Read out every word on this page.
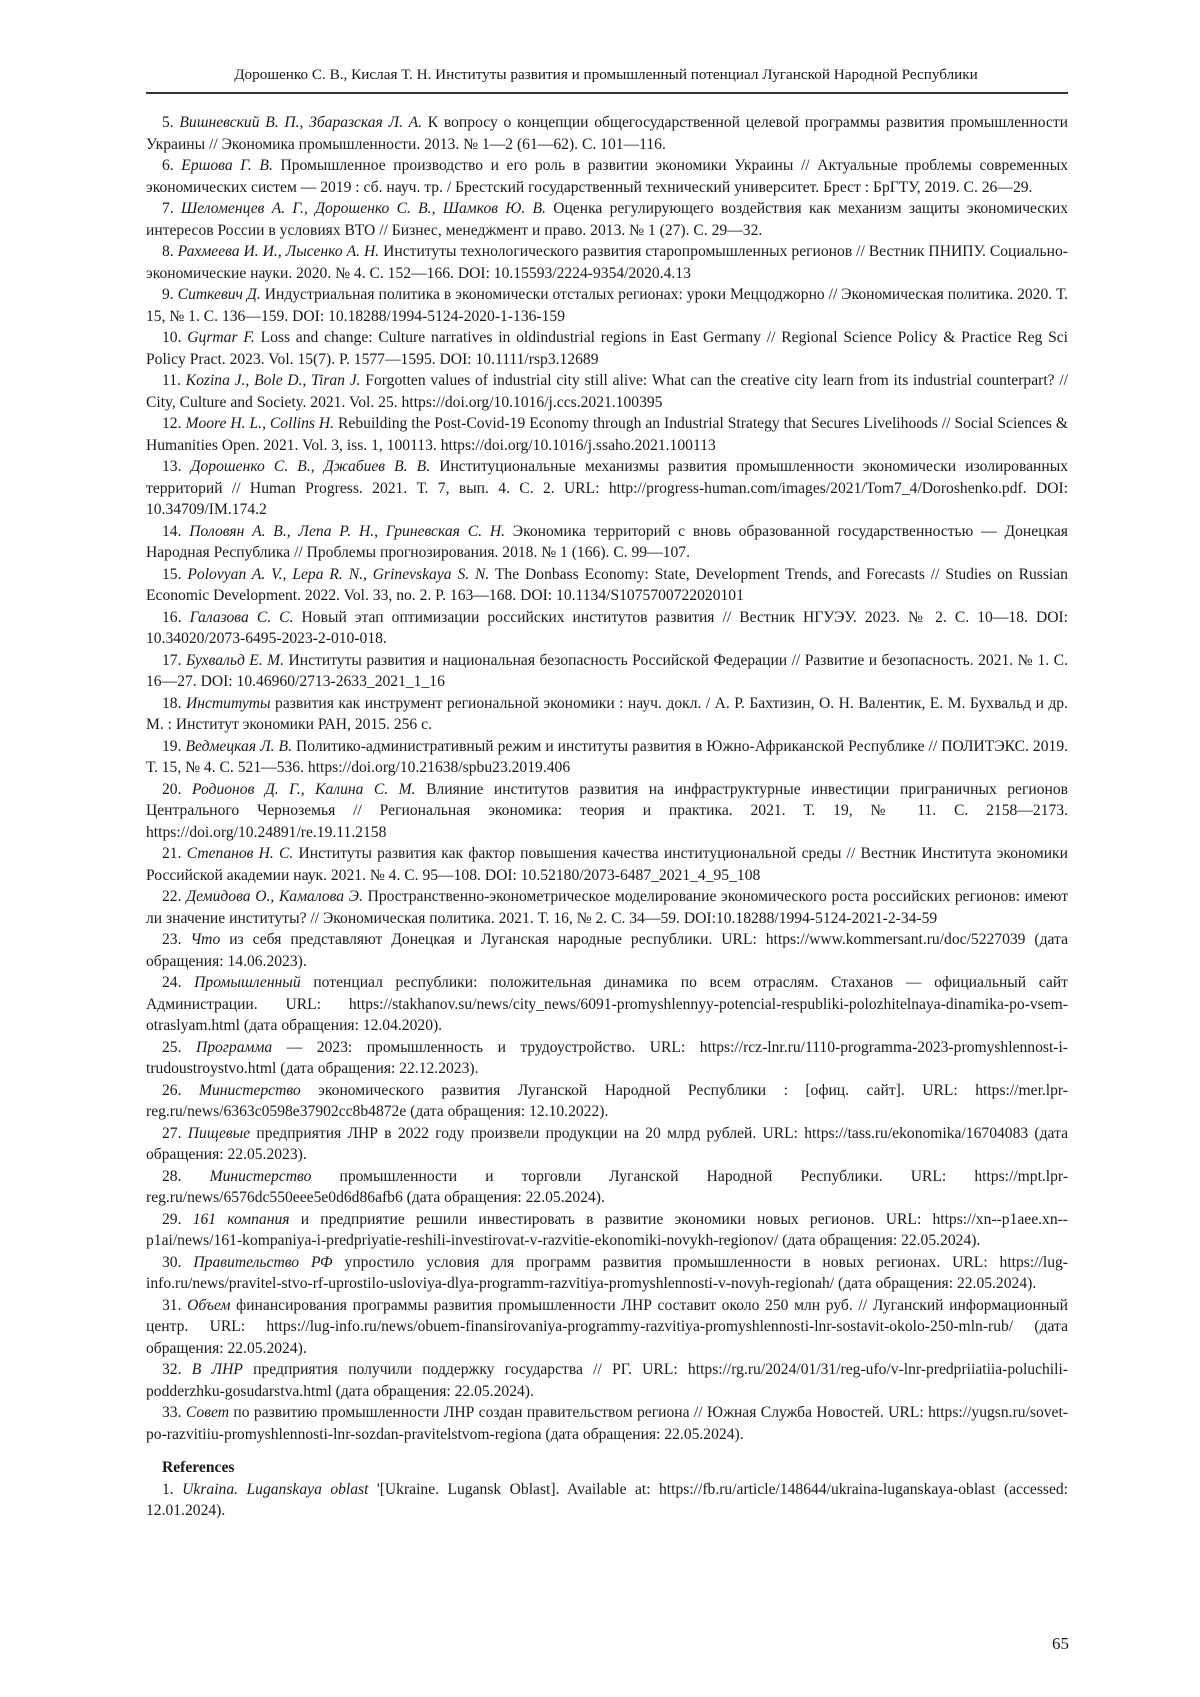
Дорошенко С. В., Кислая Т. Н. Институты развития и промышленный потенциал Луганской Народной Республики

5. Вишневский В. П., Збаразская Л. А. К вопросу о концепции общегосударственной целевой программы развития промышленности Украины // Экономика промышленности. 2013. № 1—2 (61—62). С. 101—116.

6. Ершова Г. В. Промышленное производство и его роль в развитии экономики Украины // Актуальные проблемы современных экономических систем — 2019 : сб. науч. тр. / Брестский государственный технический университет. Брест : БрГТУ, 2019. С. 26—29.

7. Шеломенцев А. Г., Дорошенко С. В., Шамков Ю. В. Оценка регулирующего воздействия как механизм защиты экономических интересов России в условиях ВТО // Бизнес, менеджмент и право. 2013. № 1 (27). С. 29—32.

8. Рахмеева И. И., Лысенко А. Н. Институты технологического развития старопромышленных регионов // Вестник ПНИПУ. Социально-экономические науки. 2020. № 4. С. 152—166. DOI: 10.15593/2224-9354/2020.4.13

9. Ситкевич Д. Индустриальная политика в экономически отсталых регионах: уроки Меццоджорно // Экономическая политика. 2020. Т. 15, № 1. С. 136—159. DOI: 10.18288/1994-5124-2020-1-136-159

10. Gцrmar F. Loss and change: Culture narratives in oldindustrial regions in East Germany // Regional Science Policy & Practice Reg Sci Policy Pract. 2023. Vol. 15(7). P. 1577—1595. DOI: 10.1111/rsp3.12689

11. Kozina J., Bole D., Tiran J. Forgotten values of industrial city still alive: What can the creative city learn from its industrial counterpart? // City, Culture and Society. 2021. Vol. 25. https://doi.org/10.1016/j.ccs.2021.100395

12. Moore H. L., Collins H. Rebuilding the Post-Covid-19 Economy through an Industrial Strategy that Secures Livelihoods // Social Sciences & Humanities Open. 2021. Vol. 3, iss. 1, 100113. https://doi.org/10.1016/j.ssaho.2021.100113

13. Дорошенко С. В., Джабиев В. В. Институциональные механизмы развития промышленности экономически изолированных территорий // Human Progress. 2021. Т. 7, вып. 4. С. 2. URL: http://progress-human.com/images/2021/Tom7_4/Doroshenko.pdf. DOI: 10.34709/IM.174.2

14. Половян А. В., Лепа Р. Н., Гриневская С. Н. Экономика территорий с вновь образованной государственностью — Донецкая Народная Республика // Проблемы прогнозирования. 2018. № 1 (166). С. 99—107.

15. Polovyan A. V., Lepa R. N., Grinevskaya S. N. The Donbass Economy: State, Development Trends, and Forecasts // Studies on Russian Economic Development. 2022. Vol. 33, no. 2. P. 163—168. DOI: 10.1134/S1075700722020101

16. Галазова С. С. Новый этап оптимизации российских институтов развития // Вестник НГУЭУ. 2023. № 2. С. 10—18. DOI: 10.34020/2073-6495-2023-2-010-018.

17. Бухвальд Е. М. Институты развития и национальная безопасность Российской Федерации // Развитие и безопасность. 2021. № 1. С. 16—27. DOI: 10.46960/2713-2633_2021_1_16

18. Институты развития как инструмент региональной экономики : науч. докл. / А. Р. Бахтизин, О. Н. Валентик, Е. М. Бухвальд и др. М. : Институт экономики РАН, 2015. 256 с.

19. Ведмецкая Л. В. Политико-административный режим и институты развития в Южно-Африканской Республике // ПОЛИТЭКС. 2019. Т. 15, № 4. С. 521—536. https://doi.org/10.21638/spbu23.2019.406

20. Родионов Д. Г., Калина С. М. Влияние институтов развития на инфраструктурные инвестиции приграничных регионов Центрального Черноземья // Региональная экономика: теория и практика. 2021. Т. 19, № 11. С. 2158—2173. https://doi.org/10.24891/re.19.11.2158

21. Степанов Н. С. Институты развития как фактор повышения качества институциональной среды // Вестник Института экономики Российской академии наук. 2021. № 4. С. 95—108. DOI: 10.52180/2073-6487_2021_4_95_108

22. Демидова О., Камалова Э. Пространственно-эконометрическое моделирование экономического роста российских регионов: имеют ли значение институты? // Экономическая политика. 2021. Т. 16, № 2. С. 34—59. DOI:10.18288/1994-5124-2021-2-34-59

23. Что из себя представляют Донецкая и Луганская народные республики. URL: https://www.kommersant.ru/doc/5227039 (дата обращения: 14.06.2023).

24. Промышленный потенциал республики: положительная динамика по всем отраслям. Стаханов — официальный сайт Администрации. URL: https://stakhanov.su/news/city_news/6091-promyshlennyy-potencial-respubliki-polozhitelnaya-dinamika-po-vsem-otraslyam.html (дата обращения: 12.04.2020).

25. Программа — 2023: промышленность и трудоустройство. URL: https://rcz-lnr.ru/1110-programma-2023-promyshlennost-i-trudoustroystvo.html (дата обращения: 22.12.2023).

26. Министерство экономического развития Луганской Народной Республики : [офиц. сайт]. URL: https://mer.lpr-reg.ru/news/6363c0598e37902cc8b4872e (дата обращения: 12.10.2022).

27. Пищевые предприятия ЛНР в 2022 году произвели продукции на 20 млрд рублей. URL: https://tass.ru/ekonomika/16704083 (дата обращения: 22.05.2023).

28. Министерство промышленности и торговли Луганской Народной Республики. URL: https://mpt.lpr-reg.ru/news/6576dc550eee5e0d6d86afb6 (дата обращения: 22.05.2024).

29. 161 компания и предприятие решили инвестировать в развитие экономики новых регионов. URL: https://xn--p1aee.xn--p1ai/news/161-kompaniya-i-predpriyatie-reshili-investirovat-v-razvitie-ekonomiki-novykh-regionov/ (дата обращения: 22.05.2024).

30. Правительство РФ упростило условия для программ развития промышленности в новых регионах. URL: https://lug-info.ru/news/pravitel-stvo-rf-uprostilo-usloviya-dlya-programm-razvitiya-promyshlennosti-v-novyh-regionah/ (дата обращения: 22.05.2024).

31. Объем финансирования программы развития промышленности ЛНР составит около 250 млн руб. // Луганский информационный центр. URL: https://lug-info.ru/news/obuem-finansirovaniya-programmy-razvitiya-promyshlennosti-lnr-sostavit-okolo-250-mln-rub/ (дата обращения: 22.05.2024).

32. В ЛНР предприятия получили поддержку государства // РГ. URL: https://rg.ru/2024/01/31/reg-ufo/v-lnr-predpriiatiia-poluchili-podderzhku-gosudarstva.html (дата обращения: 22.05.2024).

33. Совет по развитию промышленности ЛНР создан правительством региона // Южная Служба Новостей. URL: https://yugsn.ru/sovet-po-razvitiiu-promyshlennosti-lnr-sozdan-pravitelstvom-regiona (дата обращения: 22.05.2024).

References

1. Ukraina. Luganskaya oblast '[Ukraine. Lugansk Oblast]. Available at: https://fb.ru/article/148644/ukraina-luganskaya-oblast (accessed: 12.01.2024).

65
